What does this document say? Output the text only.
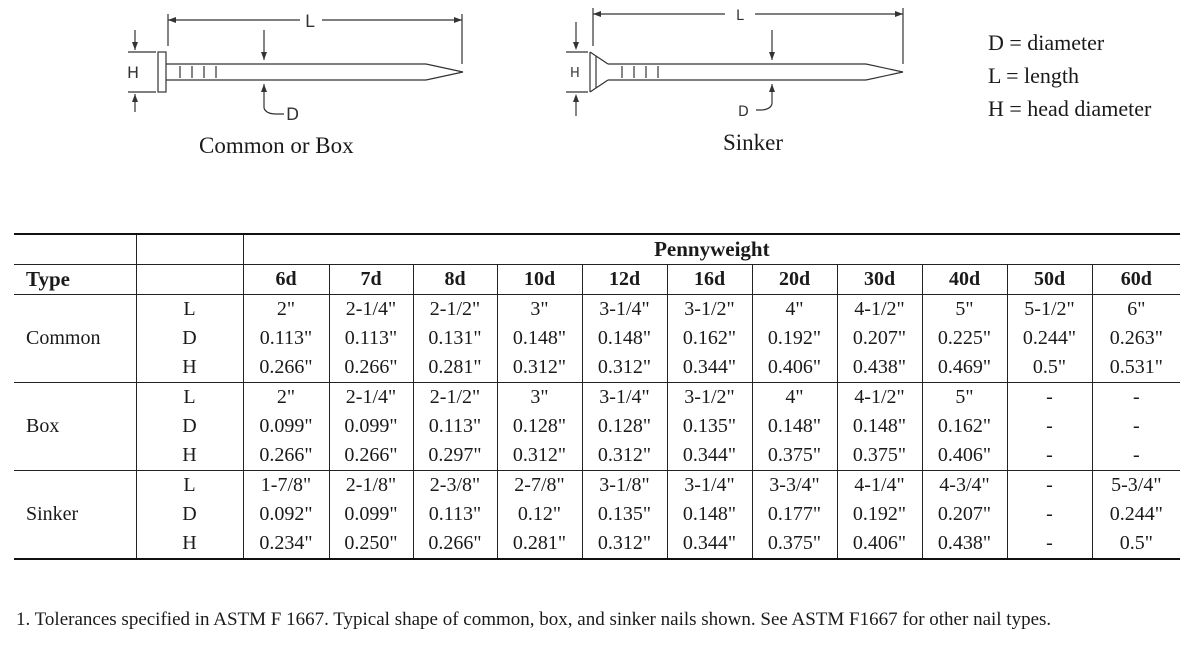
L
D
H
L
D
H
Common or Box	Sinker
D = diameter
L = length
H = head diameter
		Pennyweight										
Type		6d	7d	8d	10d	12d	16d	20d	30d	40d	50d	60d
Common	L	2"	2-1/4"	2-1/2"	3"	3-1/4"	3-1/2"	4"	4-1/2"	5"	5-1/2"	6"
	D	0.113"	0.113"	0.131"	0.148"	0.148"	0.162"	0.192"	0.207"	0.225"	0.244"	0.263"
	H	0.266"	0.266"	0.281"	0.312"	0.312"	0.344"	0.406"	0.438"	0.469"	0.5"	0.531"
Box	L	2"	2-1/4"	2-1/2"	3"	3-1/4"	3-1/2"	4"	4-1/2"	5"	-	-
	D	0.099"	0.099"	0.113"	0.128"	0.128"	0.135"	0.148"	0.148"	0.162"	-	-
	H	0.266"	0.266"	0.297"	0.312"	0.312"	0.344"	0.375"	0.375"	0.406"	-	-
Sinker	L	1-7/8"	2-1/8"	2-3/8"	2-7/8"	3-1/8"	3-1/4"	3-3/4"	4-1/4"	4-3/4"	-	5-3/4"
	D	0.092"	0.099"	0.113"	0.12"	0.135"	0.148"	0.177"	0.192"	0.207"	-	0.244"
	H	0.234"	0.250"	0.266"	0.281"	0.312"	0.344"	0.375"	0.406"	0.438"	-	0.5"
1. Tolerances specified in ASTM F 1667. Typical shape of common, box, and sinker nails shown. See ASTM F1667 for other nail types.
